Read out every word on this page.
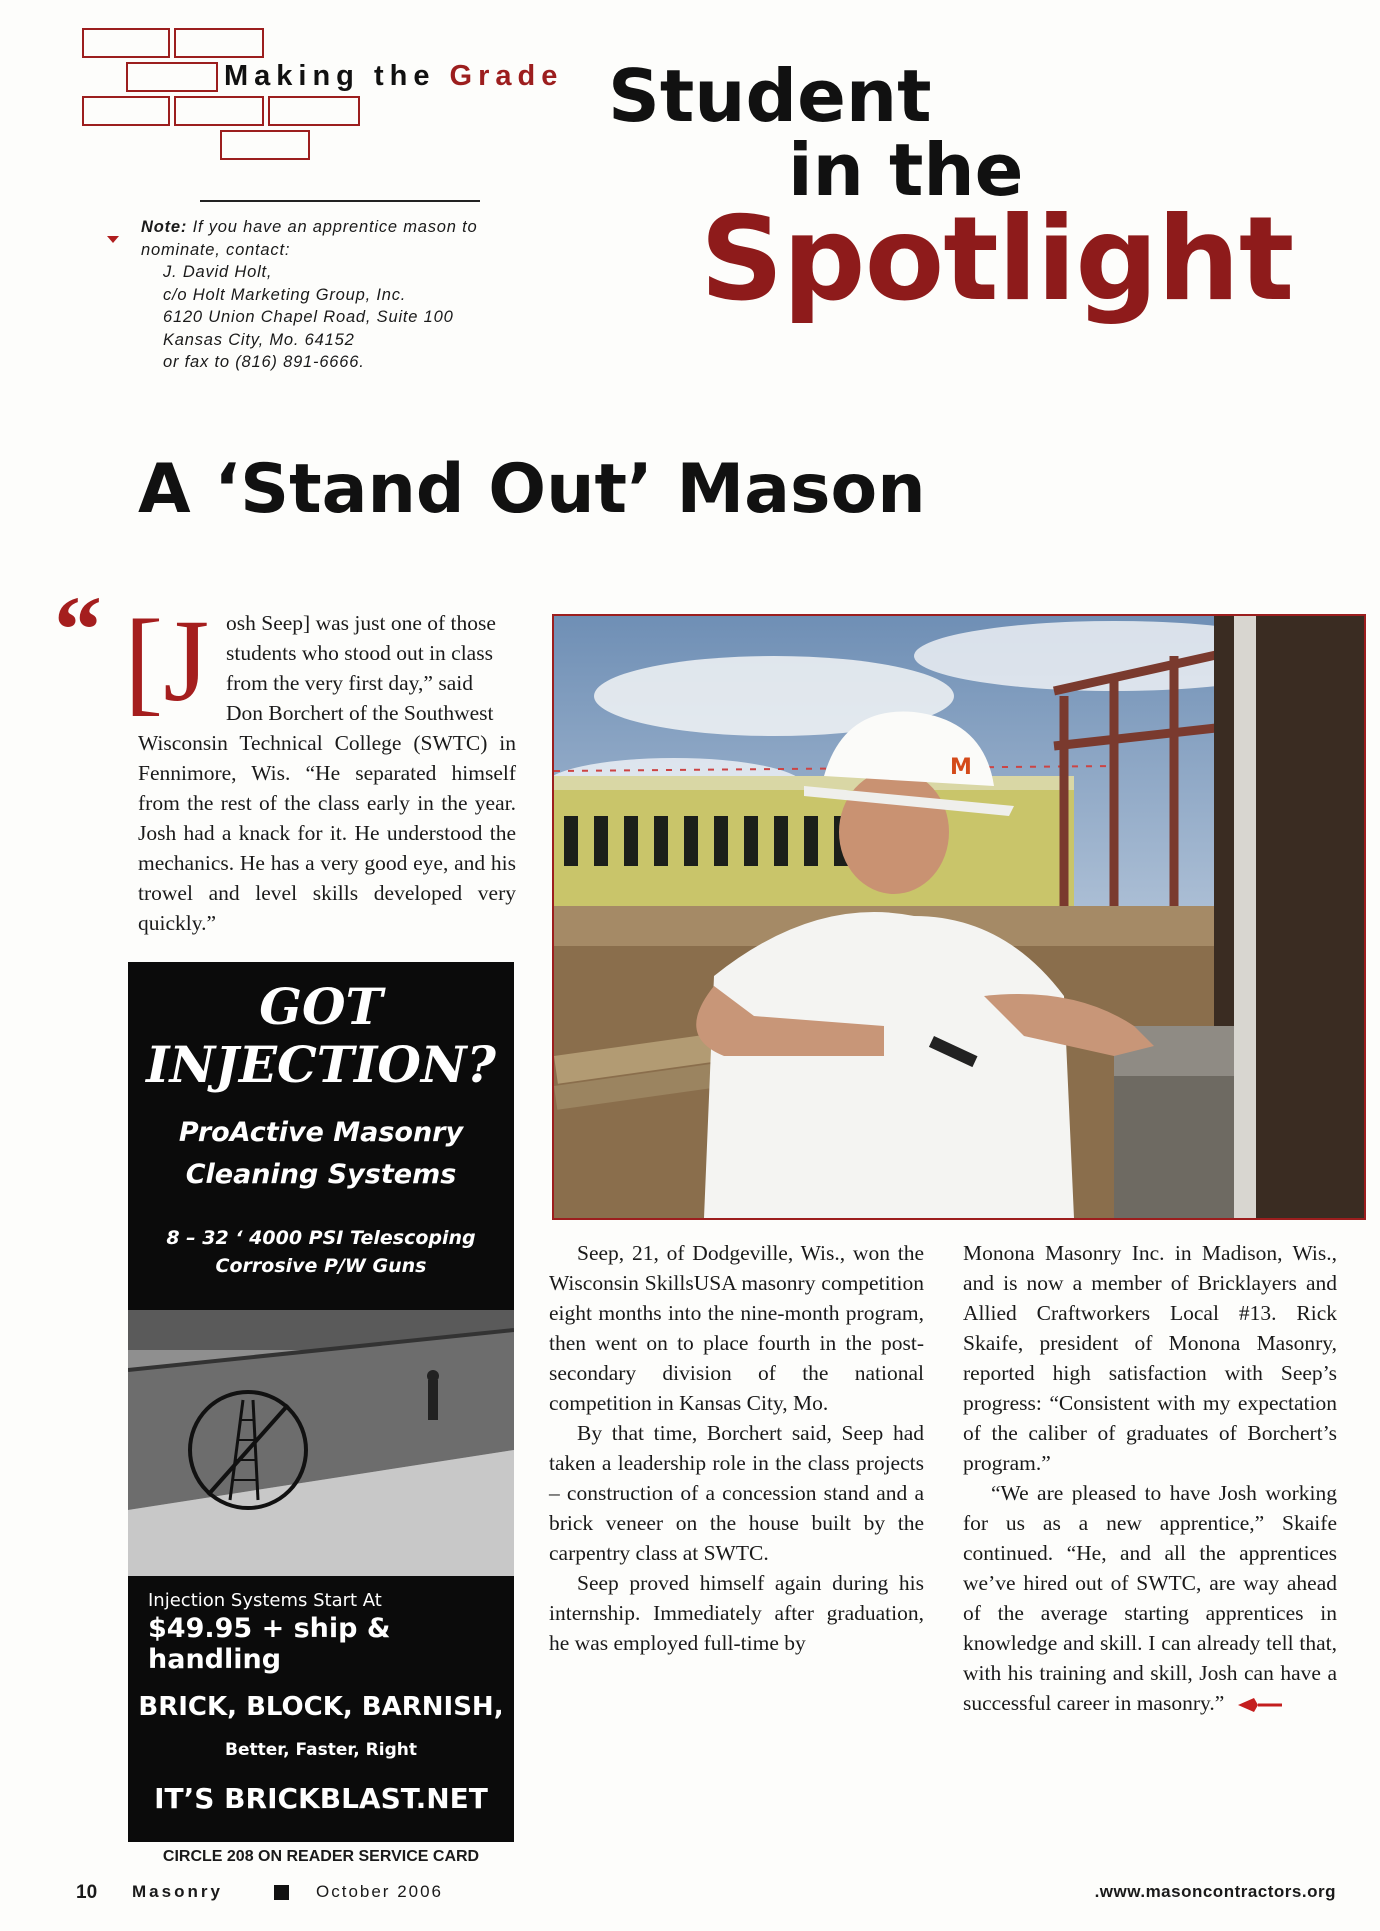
Making the Grade
Note: If you have an apprentice mason to
nominate, contact:
J. David Holt,
c/o Holt Marketing Group, Inc.
6120 Union Chapel Road, Suite 100
Kansas City, Mo. 64152
or fax to (816) 891-6666.
Student
in the
Spotlight
A ‘Stand Out’ Mason
“ [J osh Seep] was just one of those

students who stood out in class

from the very first day,” said

Don Borchert of the Southwest

Wisconsin Technical College (SWTC) in Fennimore, Wis. “He separated himself from the rest of the class early in the year. Josh had a knack for it. He understood the mechanics. He has a very good eye, and his trowel and level skills developed very quickly.”

M
GOT
INJECTION?
ProActive Masonry
Cleaning Systems
8 – 32 ‘ 4000 PSI Telescoping
Corrosive P/W Guns
Injection Systems Start At
$49.95 + ship & handling
BRICK, BLOCK, BARNISH,
Better, Faster, Right
IT’S BRICKBLAST.NET
CIRCLE 208 ON READER SERVICE CARD

Seep, 21, of Dodgeville, Wis., won the Wisconsin SkillsUSA masonry competition eight months into the nine-month program, then went on to place fourth in the post-secondary division of the national competition in Kansas City, Mo.

By that time, Borchert said, Seep had taken a leadership role in the class projects – construction of a concession stand and a brick veneer on the house built by the carpentry class at SWTC.

Seep proved himself again during his internship. Immediately after graduation, he was employed full-time by

Monona Masonry Inc. in Madison, Wis., and is now a member of Bricklayers and Allied Craftworkers Local #13. Rick Skaife, president of Monona Masonry, reported high satisfaction with Seep’s progress: “Consistent with my expectation of the caliber of graduates of Borchert’s program.”

“We are pleased to have Josh working for us as a new apprentice,” Skaife continued. “He, and all the apprentices we’ve hired out of SWTC, are way ahead of the average starting apprentices in knowledge and skill. I can already tell that, with his training and skill, Josh can have a successful career in masonry.”

10 Masonry	October 2006	.www.masoncontractors.org
